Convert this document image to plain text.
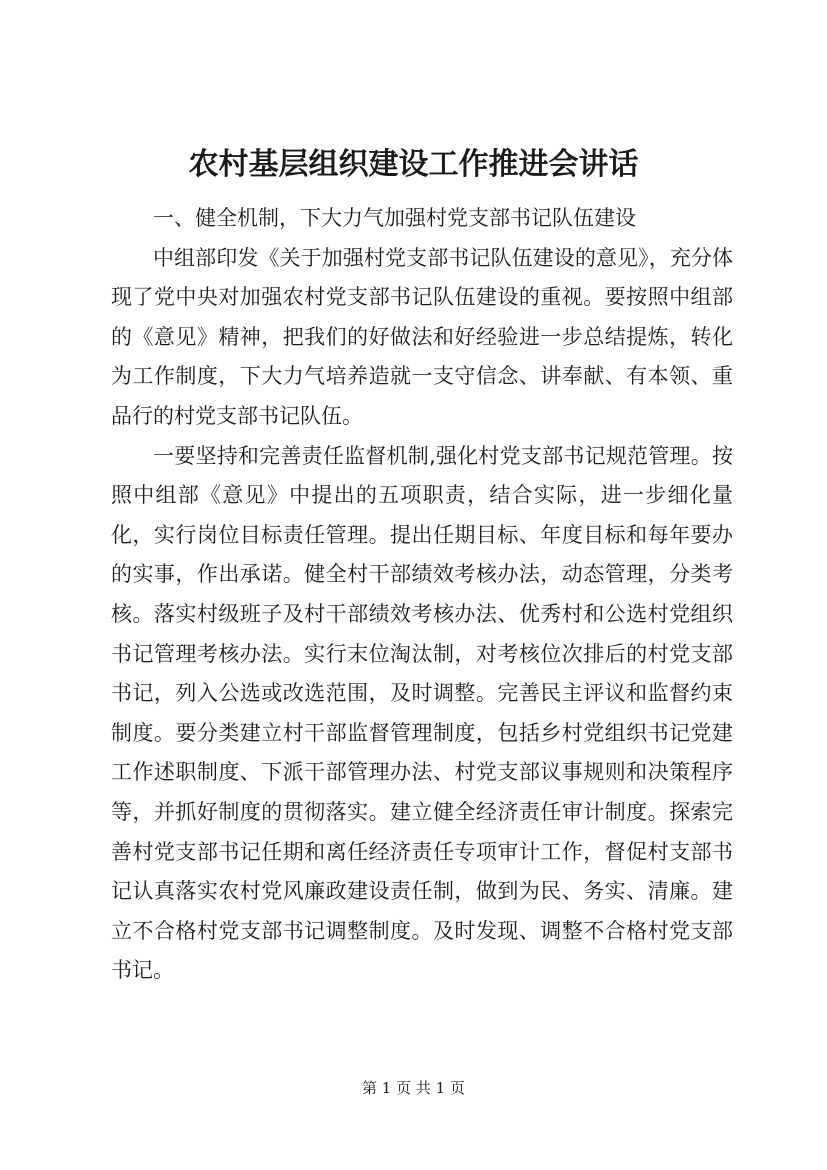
农村基层组织建设工作推进会讲话

一、健全机制，下大力气加强村党支部书记队伍建设

中组部印发《关于加强村党支部书记队伍建设的意见》，充分体现了党中央对加强农村党支部书记队伍建设的重视。要按照中组部的《意见》精神，把我们的好做法和好经验进一步总结提炼，转化为工作制度，下大力气培养造就一支守信念、讲奉献、有本领、重品行的村党支部书记队伍。

一要坚持和完善责任监督机制,强化村党支部书记规范管理。按照中组部《意见》中提出的五项职责，结合实际，进一步细化量化，实行岗位目标责任管理。提出任期目标、年度目标和每年要办的实事，作出承诺。健全村干部绩效考核办法，动态管理，分类考核。落实村级班子及村干部绩效考核办法、优秀村和公选村党组织书记管理考核办法。实行末位淘汰制，对考核位次排后的村党支部书记，列入公选或改选范围，及时调整。完善民主评议和监督约束制度。要分类建立村干部监督管理制度，包括乡村党组织书记党建工作述职制度、下派干部管理办法、村党支部议事规则和决策程序等，并抓好制度的贯彻落实。建立健全经济责任审计制度。探索完善村党支部书记任期和离任经济责任专项审计工作，督促村支部书记认真落实农村党风廉政建设责任制，做到为民、务实、清廉。建立不合格村党支部书记调整制度。及时发现、调整不合格村党支部书记。

第 1 页 共 1 页
